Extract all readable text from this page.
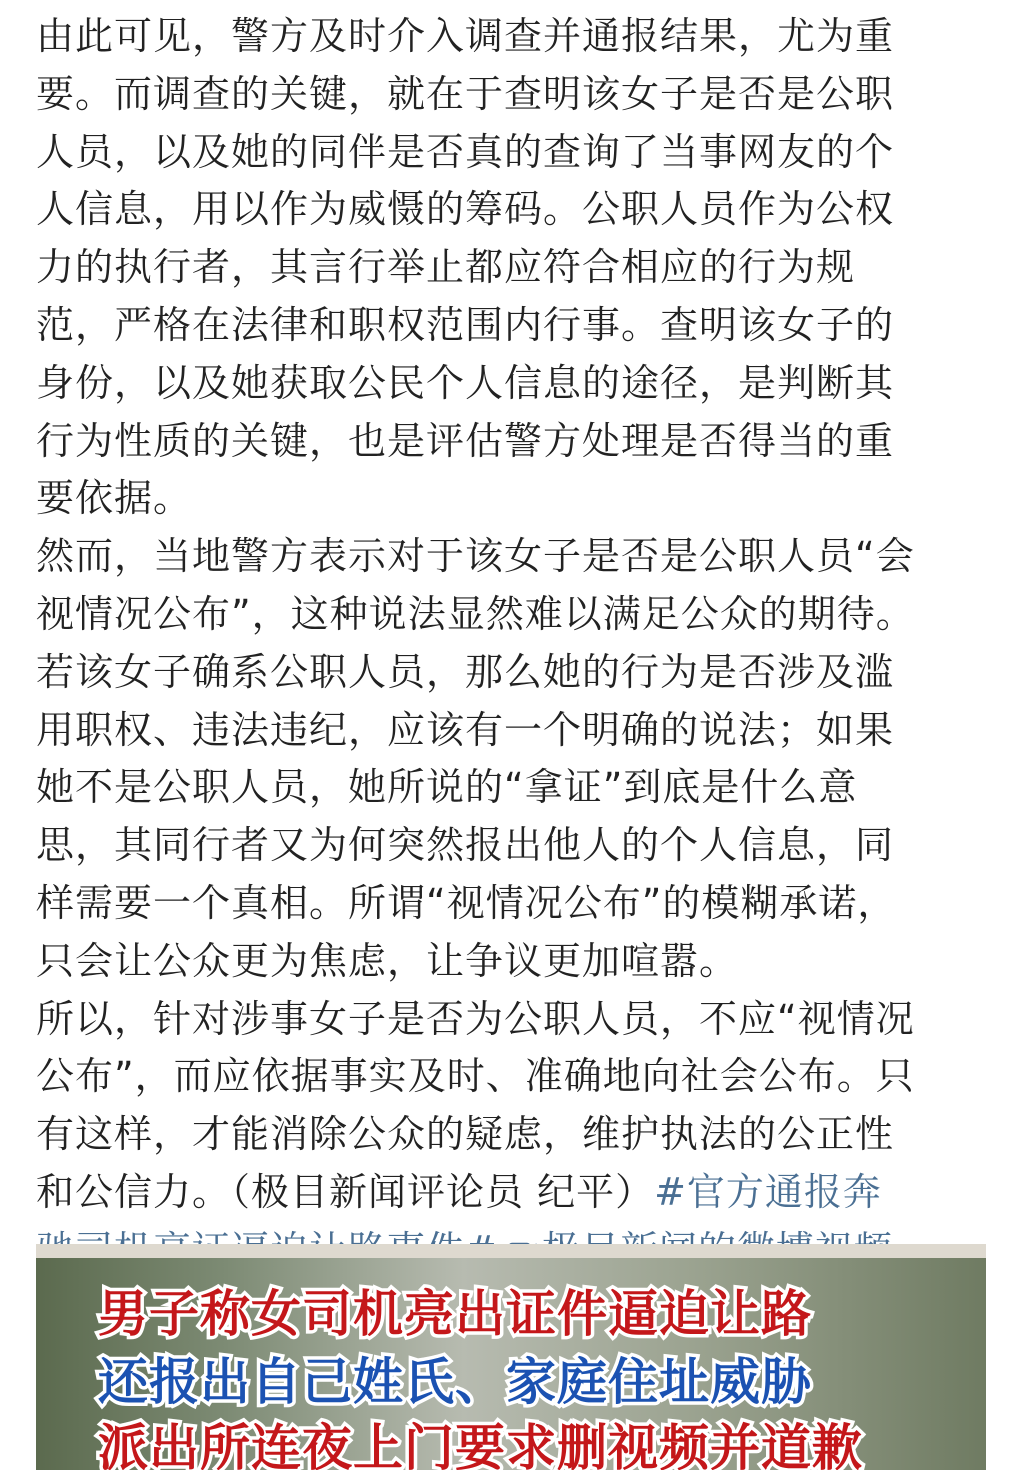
由此可见，警方及时介入调查并通报结果，尤为重
要。而调查的关键，就在于查明该女子是否是公职
人员，以及她的同伴是否真的查询了当事网友的个
人信息，用以作为威慑的筹码。公职人员作为公权
力的执行者，其言行举止都应符合相应的行为规
范，严格在法律和职权范围内行事。查明该女子的
身份，以及她获取公民个人信息的途径，是判断其
行为性质的关键，也是评估警方处理是否得当的重
要依据。
然而，当地警方表示对于该女子是否是公职人员“会
视情况公布”，这种说法显然难以满足公众的期待。
若该女子确系公职人员，那么她的行为是否涉及滥
用职权、违法违纪，应该有一个明确的说法；如果
她不是公职人员，她所说的“拿证”到底是什么意
思，其同行者又为何突然报出他人的个人信息，同
样需要一个真相。所谓“视情况公布”的模糊承诺，
只会让公众更为焦虑，让争议更加喧嚣。
所以，针对涉事女子是否为公职人员，不应“视情况
公布”，而应依据事实及时、准确地向社会公布。只
有这样，才能消除公众的疑虑，维护执法的公正性
和公信力。（极目新闻评论员 纪平）#官方通报奔
男子称女司机亮出证件逼迫让路
还报出自己姓氏、家庭住址威胁
派出所连夜上门要求删视频并道歉
